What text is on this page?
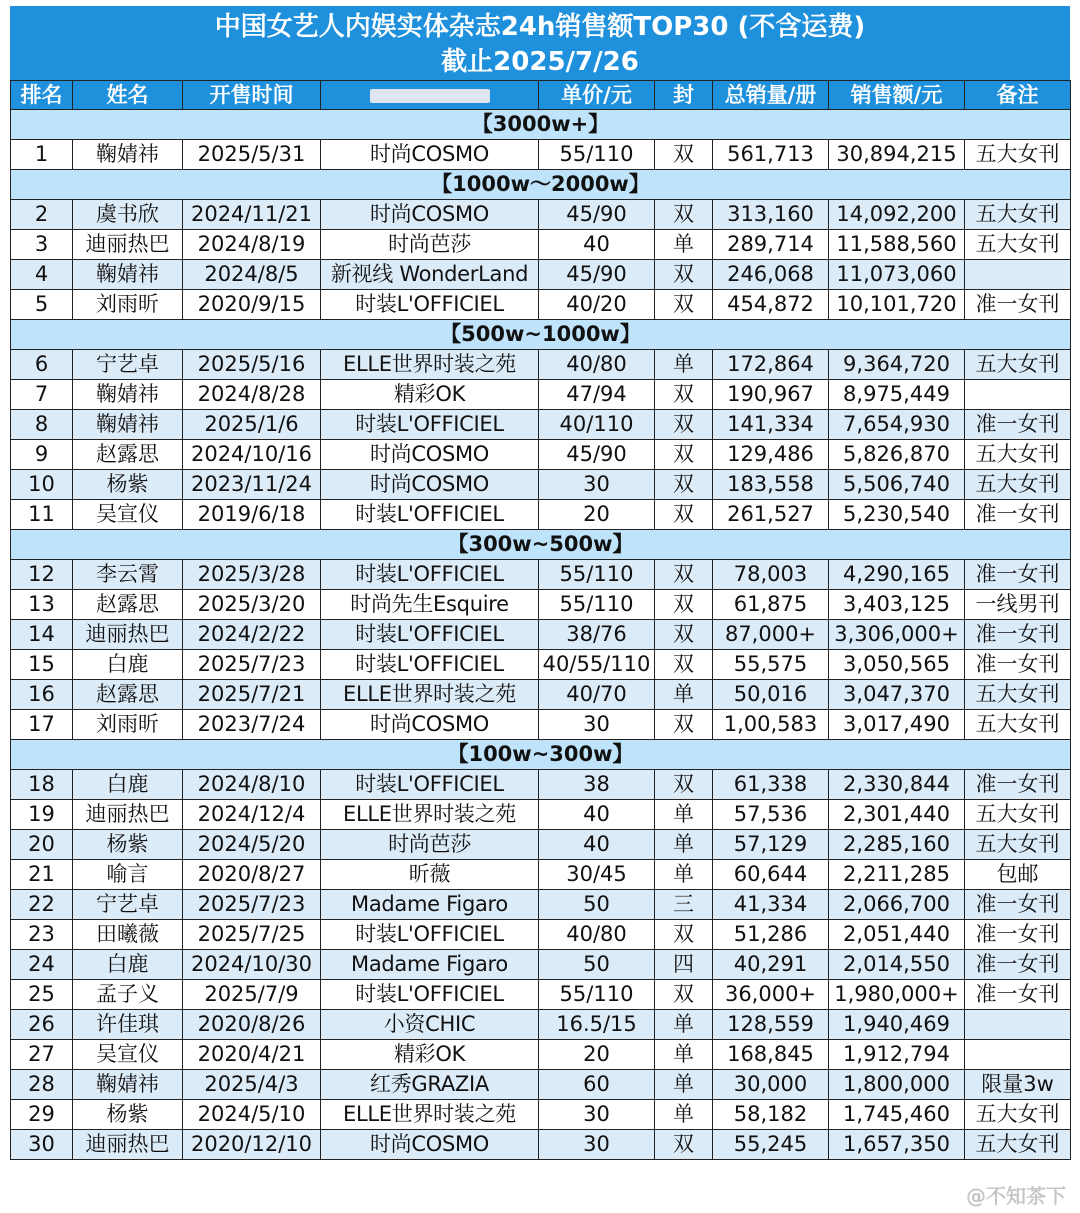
中国女艺人内娱实体杂志24h销售额TOP30 (不含运费)
截止2025/7/26
排名	姓名	开售时间		单价/元	封	总销量/册	销售额/元	备注
【3000w+】								
1	鞠婧祎	2025/5/31	时尚COSMO	55/110	双	561,713	30,894,215	五大女刊
【1000w～2000w】								
2	虞书欣	2024/11/21	时尚COSMO	45/90	双	313,160	14,092,200	五大女刊
3	迪丽热巴	2024/8/19	时尚芭莎	40	单	289,714	11,588,560	五大女刊
4	鞠婧祎	2024/8/5	新视线 WonderLand	45/90	双	246,068	11,073,060	
5	刘雨昕	2020/9/15	时装L'OFFICIEL	40/20	双	454,872	10,101,720	准一女刊
【500w~1000w】								
6	宁艺卓	2025/5/16	ELLE世界时装之苑	40/80	单	172,864	9,364,720	五大女刊
7	鞠婧祎	2024/8/28	精彩OK	47/94	双	190,967	8,975,449	
8	鞠婧祎	2025/1/6	时装L'OFFICIEL	40/110	双	141,334	7,654,930	准一女刊
9	赵露思	2024/10/16	时尚COSMO	45/90	双	129,486	5,826,870	五大女刊
10	杨紫	2023/11/24	时尚COSMO	30	双	183,558	5,506,740	五大女刊
11	吴宣仪	2019/6/18	时装L'OFFICIEL	20	双	261,527	5,230,540	准一女刊
【300w~500w】								
12	李云霄	2025/3/28	时装L'OFFICIEL	55/110	双	78,003	4,290,165	准一女刊
13	赵露思	2025/3/20	时尚先生Esquire	55/110	双	61,875	3,403,125	一线男刊
14	迪丽热巴	2024/2/22	时装L'OFFICIEL	38/76	双	87,000+	3,306,000+	准一女刊
15	白鹿	2025/7/23	时装L'OFFICIEL	40/55/110	双	55,575	3,050,565	准一女刊
16	赵露思	2025/7/21	ELLE世界时装之苑	40/70	单	50,016	3,047,370	五大女刊
17	刘雨昕	2023/7/24	时尚COSMO	30	双	1,00,583	3,017,490	五大女刊
【100w~300w】								
18	白鹿	2024/8/10	时装L'OFFICIEL	38	双	61,338	2,330,844	准一女刊
19	迪丽热巴	2024/12/4	ELLE世界时装之苑	40	单	57,536	2,301,440	五大女刊
20	杨紫	2024/5/20	时尚芭莎	40	单	57,129	2,285,160	五大女刊
21	喻言	2020/8/27	昕薇	30/45	单	60,644	2,211,285	包邮
22	宁艺卓	2025/7/23	Madame Figaro	50	三	41,334	2,066,700	准一女刊
23	田曦薇	2025/7/25	时装L'OFFICIEL	40/80	双	51,286	2,051,440	准一女刊
24	白鹿	2024/10/30	Madame Figaro	50	四	40,291	2,014,550	准一女刊
25	孟子义	2025/7/9	时装L'OFFICIEL	55/110	双	36,000+	1,980,000+	准一女刊
26	许佳琪	2020/8/26	小资CHIC	16.5/15	单	128,559	1,940,469	
27	吴宣仪	2020/4/21	精彩OK	20	单	168,845	1,912,794	
28	鞠婧祎	2025/4/3	红秀GRAZIA	60	单	30,000	1,800,000	限量3w
29	杨紫	2024/5/10	ELLE世界时装之苑	30	单	58,182	1,745,460	五大女刊
30	迪丽热巴	2020/12/10	时尚COSMO	30	双	55,245	1,657,350	五大女刊
@不知茶下
